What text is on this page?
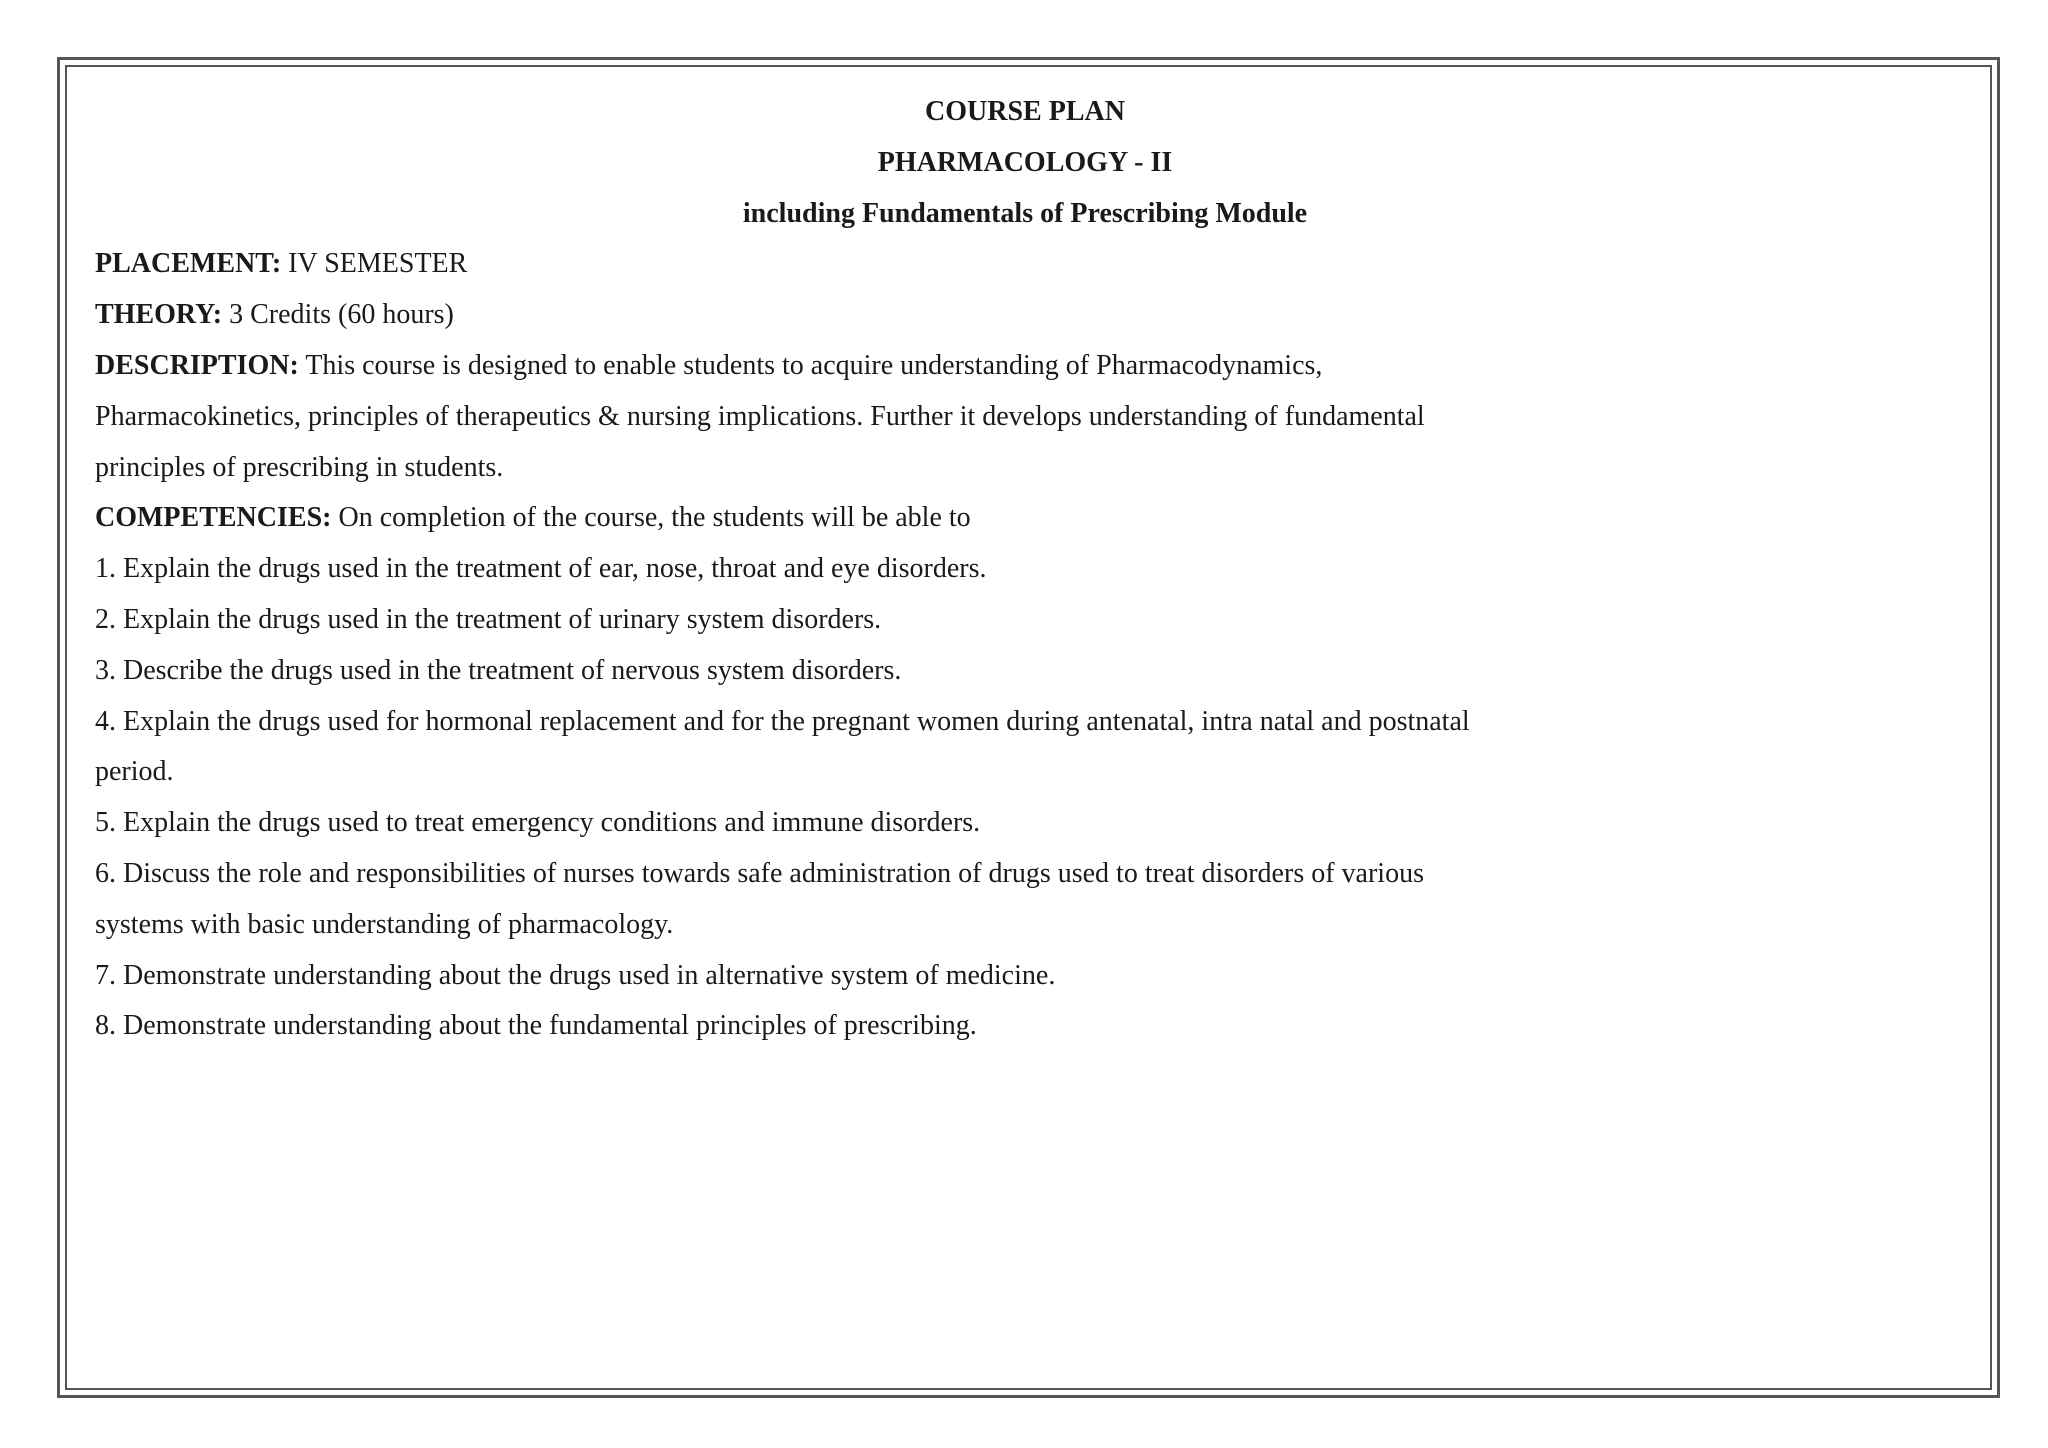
COURSE PLAN

PHARMACOLOGY - II

including Fundamentals of Prescribing Module

PLACEMENT: IV SEMESTER

THEORY: 3 Credits (60 hours)

DESCRIPTION: This course is designed to enable students to acquire understanding of Pharmacodynamics,

Pharmacokinetics, principles of therapeutics & nursing implications. Further it develops understanding of fundamental

principles of prescribing in students.

COMPETENCIES: On completion of the course, the students will be able to

1. Explain the drugs used in the treatment of ear, nose, throat and eye disorders.

2. Explain the drugs used in the treatment of urinary system disorders.

3. Describe the drugs used in the treatment of nervous system disorders.

4. Explain the drugs used for hormonal replacement and for the pregnant women during antenatal, intra natal and postnatal

period.

5. Explain the drugs used to treat emergency conditions and immune disorders.

6. Discuss the role and responsibilities of nurses towards safe administration of drugs used to treat disorders of various

systems with basic understanding of pharmacology.

7. Demonstrate understanding about the drugs used in alternative system of medicine.

8. Demonstrate understanding about the fundamental principles of prescribing.
